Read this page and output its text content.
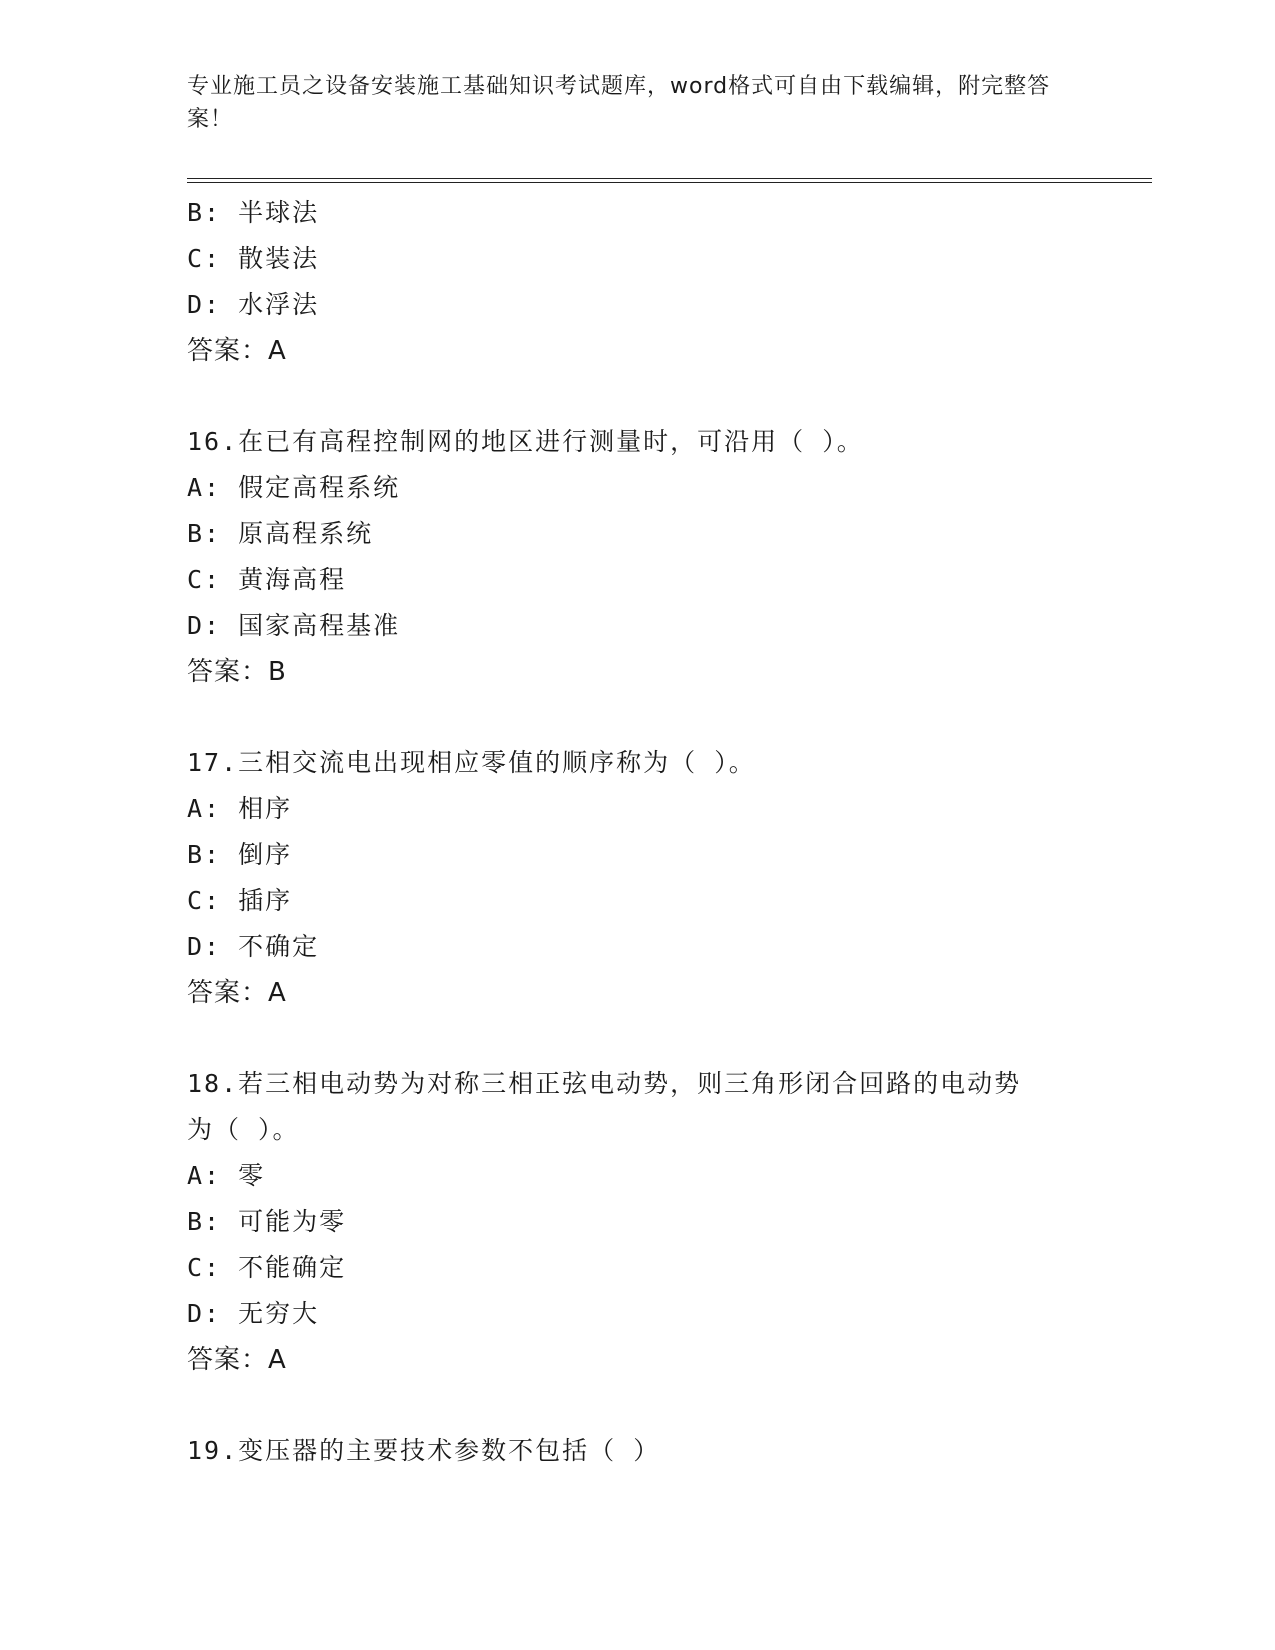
专业施工员之设备安装施工基础知识考试题库，word格式可自由下载编辑，附完整答案！
B: 半球法
C: 散装法
D: 水浮法
答案：A
16.在已有高程控制网的地区进行测量时，可沿用（ ）。
A: 假定高程系统
B: 原高程系统
C: 黄海高程
D: 国家高程基准
答案：B
17.三相交流电出现相应零值的顺序称为（ ）。
A: 相序
B: 倒序
C: 插序
D: 不确定
答案：A
18.若三相电动势为对称三相正弦电动势，则三角形闭合回路的电动势
为（ ）。
A: 零
B: 可能为零
C: 不能确定
D: 无穷大
答案：A
19.变压器的主要技术参数不包括（ ）
